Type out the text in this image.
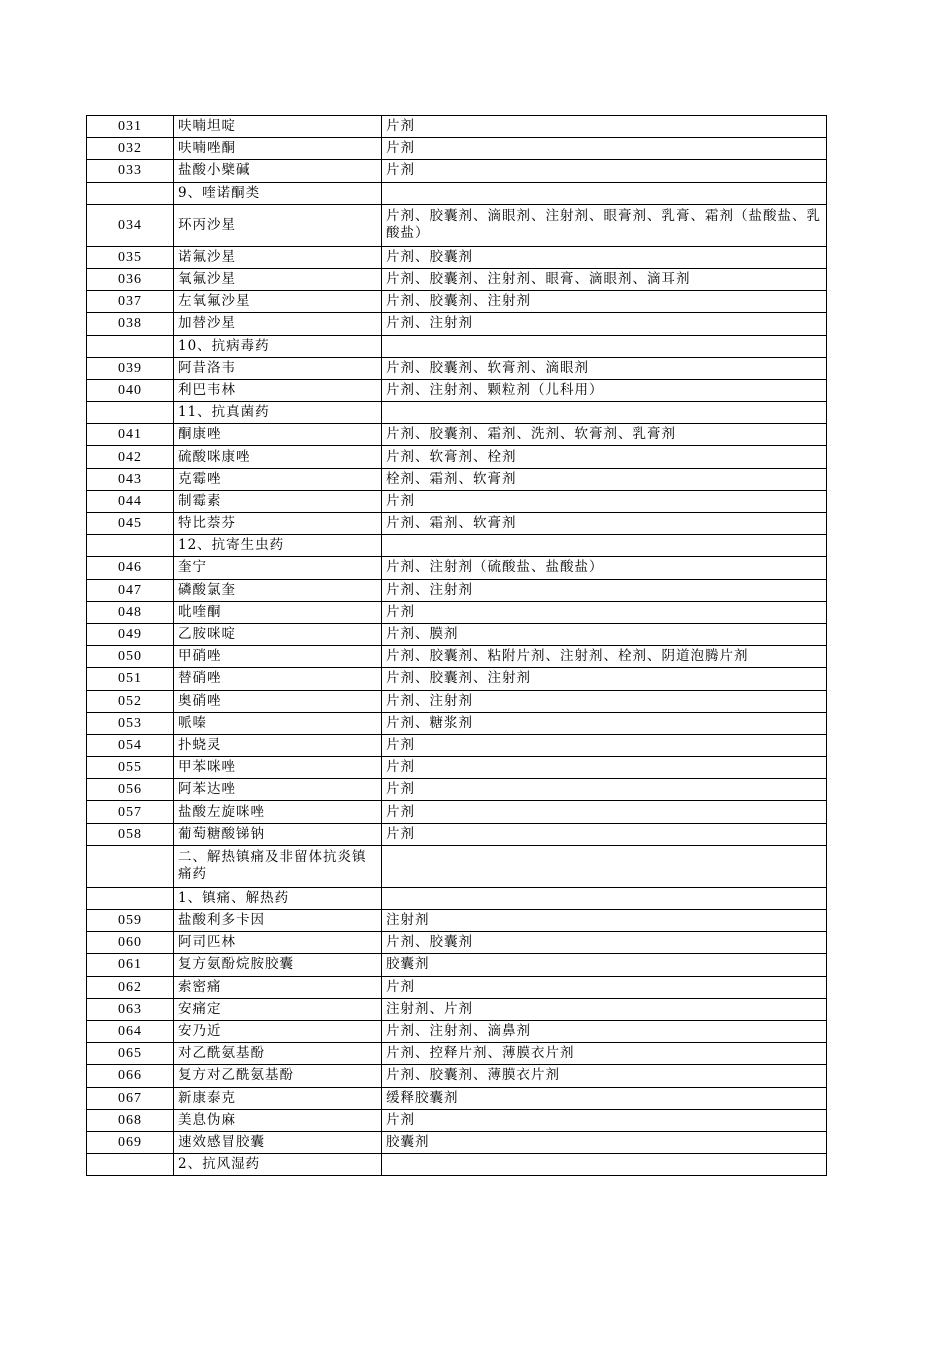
031	呋喃坦啶	片剂
032	呋喃唑酮	片剂
033	盐酸小檗碱	片剂
	9、喹诺酮类	
034	环丙沙星	片剂、胶囊剂、滴眼剂、注射剂、眼膏剂、乳膏、霜剂（盐酸盐、乳酸盐）
035	诺氟沙星	片剂、胶囊剂
036	氧氟沙星	片剂、胶囊剂、注射剂、眼膏、滴眼剂、滴耳剂
037	左氧氟沙星	片剂、胶囊剂、注射剂
038	加替沙星	片剂、注射剂
	10、抗病毒药	
039	阿昔洛韦	片剂、胶囊剂、软膏剂、滴眼剂
040	利巴韦林	片剂、注射剂、颗粒剂（儿科用）
	11、抗真菌药	
041	酮康唑	片剂、胶囊剂、霜剂、洗剂、软膏剂、乳膏剂
042	硫酸咪康唑	片剂、软膏剂、栓剂
043	克霉唑	栓剂、霜剂、软膏剂
044	制霉素	片剂
045	特比萘芬	片剂、霜剂、软膏剂
	12、抗寄生虫药	
046	奎宁	片剂、注射剂（硫酸盐、盐酸盐）
047	磷酸氯奎	片剂、注射剂
048	吡喹酮	片剂
049	乙胺咪啶	片剂、膜剂
050	甲硝唑	片剂、胶囊剂、粘附片剂、注射剂、栓剂、阴道泡腾片剂
051	替硝唑	片剂、胶囊剂、注射剂
052	奥硝唑	片剂、注射剂
053	哌嗪	片剂、糖浆剂
054	扑蛲灵	片剂
055	甲苯咪唑	片剂
056	阿苯达唑	片剂
057	盐酸左旋咪唑	片剂
058	葡萄糖酸锑钠	片剂
	二、解热镇痛及非留体抗炎镇痛药	
	1、镇痛、解热药	
059	盐酸利多卡因	注射剂
060	阿司匹林	片剂、胶囊剂
061	复方氨酚烷胺胶囊	胶囊剂
062	索密痛	片剂
063	安痛定	注射剂、片剂
064	安乃近	片剂、注射剂、滴鼻剂
065	对乙酰氨基酚	片剂、控释片剂、薄膜衣片剂
066	复方对乙酰氨基酚	片剂、胶囊剂、薄膜衣片剂
067	新康泰克	缓释胶囊剂
068	美息伪麻	片剂
069	速效感冒胶囊	胶囊剂
	2、抗风湿药	
